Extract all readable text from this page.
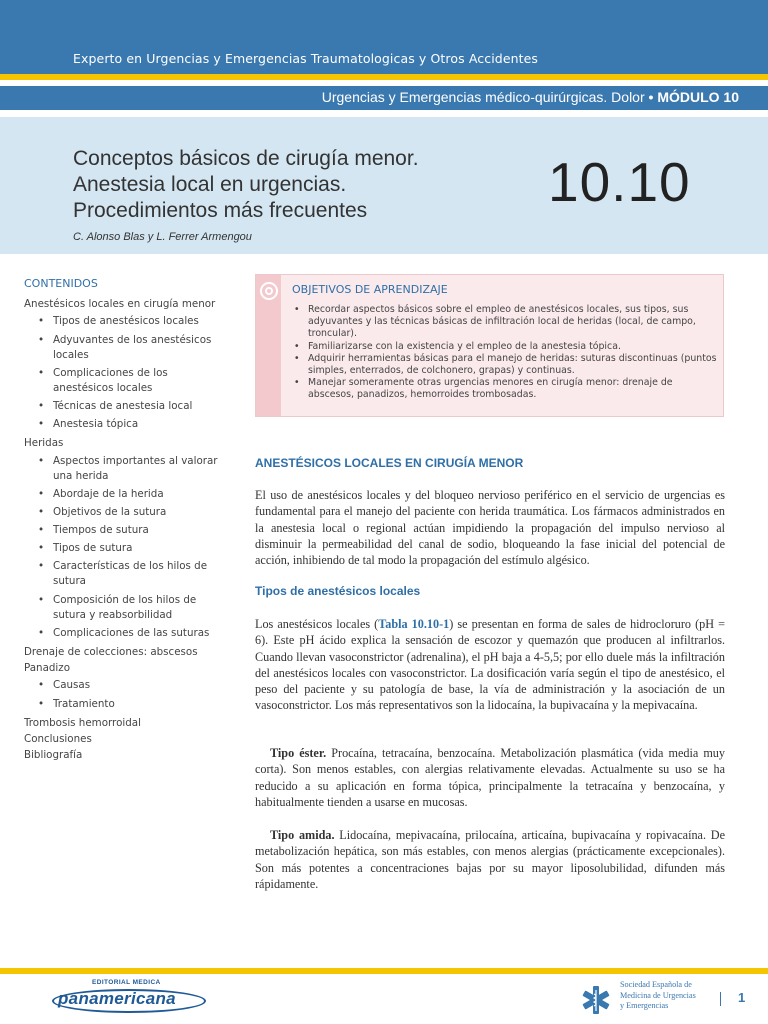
Experto en Urgencias y Emergencias Traumatologicas y Otros Accidentes
Urgencias y Emergencias médico-quirúrgicas. Dolor • MÓDULO 10
Conceptos básicos de cirugía menor.
Anestesia local en urgencias.
Procedimientos más frecuentes	10.10
C. Alonso Blas y L. Ferrer Armengou
CONTENIDOS
Anestésicos locales en cirugía menor
• Tipos de anestésicos locales
• Adyuvantes de los anestésicos locales
• Complicaciones de los anestésicos locales
• Técnicas de anestesia local
• Anestesia tópica
Heridas
• Aspectos importantes al valorar una herida
• Abordaje de la herida
• Objetivos de la sutura
• Tiempos de sutura
• Tipos de sutura
• Características de los hilos de sutura
• Composición de los hilos de sutura y reabsorbilidad
• Complicaciones de las suturas
Drenaje de colecciones: abscesos
Panadizo
• Causas
• Tratamiento
Trombosis hemorroidal
Conclusiones
Bibliografía
OBJETIVOS DE APRENDIZAJE
• Recordar aspectos básicos sobre el empleo de anestésicos locales, sus tipos, sus adyuvantes y las técnicas básicas de infiltración local de heridas (local, de campo, troncular).
• Familiarizarse con la existencia y el empleo de la anestesia tópica.
• Adquirir herramientas básicas para el manejo de heridas: suturas discontinuas (puntos simples, enterrados, de colchonero, grapas) y continuas.
• Manejar someramente otras urgencias menores en cirugía menor: drenaje de abscesos, panadizos, hemorroides trombosadas.
ANESTÉSICOS LOCALES EN CIRUGÍA MENOR

El uso de anestésicos locales y del bloqueo nervioso periférico en el servicio de urgencias es fundamental para el manejo del paciente con herida traumática. Los fármacos administrados en la anestesia local o regional actúan impidiendo la propagación del impulso nervioso al disminuir la permeabilidad del canal de sodio, bloqueando la fase inicial del potencial de acción, inhibiendo de tal modo la propagación del estímulo algésico.

Tipos de anestésicos locales

Los anestésicos locales (Tabla 10.10-1) se presentan en forma de sales de hidrocloruro (pH = 6). Este pH ácido explica la sensación de escozor y quemazón que producen al infiltrarlos. Cuando llevan vasoconstrictor (adrenalina), el pH baja a 4-5,5; por ello duele más la infiltración del anestésicos locales con vasoconstrictor. La dosificación varía según el tipo de anestésico, el peso del paciente y su patología de base, la vía de administración y la asociación de un vasoconstrictor. Los más representativos son la lidocaína, la bupivacaína y la mepivacaína.

Tipo éster. Procaína, tetracaína, benzocaína. Metabolización plasmática (vida media muy corta). Son menos estables, con alergias relativamente elevadas. Actualmente su uso se ha reducido a su aplicación en forma tópica, principalmente la tetracaína y benzocaína, y habitualmente tienden a usarse en mucosas.

Tipo amida. Lidocaína, mepivacaína, prilocaína, articaína, bupivacaína y ropivacaína. De metabolización hepática, son más estables, con menos alergias (prácticamente excepcionales). Son más potentes a concentraciones bajas por su mayor liposolubilidad, difunden más rápidamente.

EDITORIAL MEDICA
panamericana
Sociedad Española de
Medicina de Urgencias
y Emergencias
1
